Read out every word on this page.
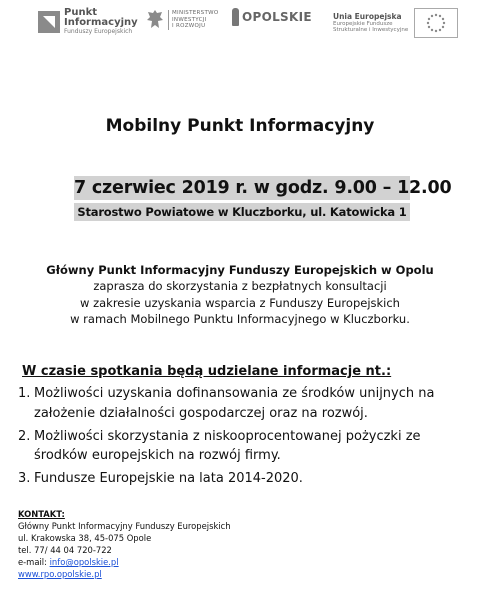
Punkt
Informacyjny
Funduszy Europejskich
MINISTERSTWO
INWESTYCJI
I ROZWOJU
OPOLSKIE	Unia Europejska
Europejskie Fundusze
Strukturalne i Inwestycyjne
Mobilny Punkt Informacyjny
7 czerwiec 2019 r. w godz. 9.00 – 12.00
Starostwo Powiatowe w Kluczborku, ul. Katowicka 1
Główny Punkt Informacyjny Funduszy Europejskich w Opolu
zaprasza do skorzystania z bezpłatnych konsultacji
w zakresie uzyskania wsparcia z Funduszy Europejskich
w ramach Mobilnego Punktu Informacyjnego w Kluczborku.
W czasie spotkania będą udzielane informacje nt.:
1. Możliwości uzyskania dofinansowania ze środków unijnych na założenie działalności gospodarczej oraz na rozwój.
2. Możliwości skorzystania z niskooprocentowanej pożyczki ze środków europejskich na rozwój firmy.
3. Fundusze Europejskie na lata 2014-2020.
KONTAKT:
Główny Punkt Informacyjny Funduszy Europejskich
ul. Krakowska 38, 45-075 Opole
tel. 77/ 44 04 720-722
e-mail: info@opolskie.pl
www.rpo.opolskie.pl
